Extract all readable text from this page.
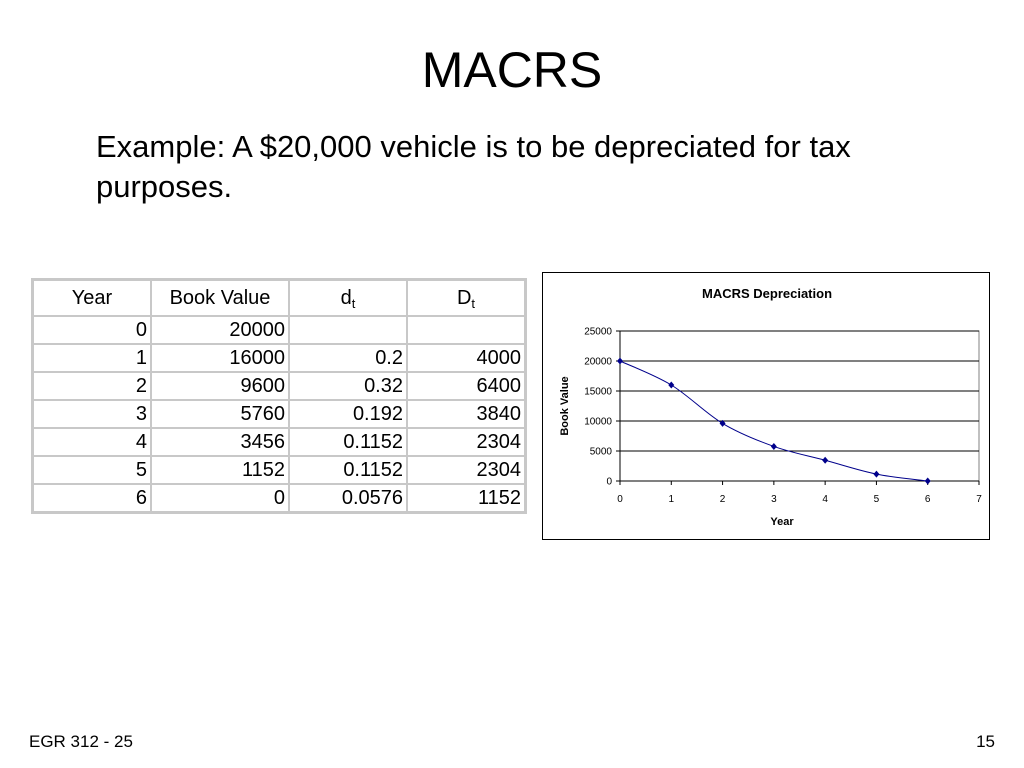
MACRS
Example: A $20,000 vehicle is to be depreciated for tax purposes.
Year	Book Value	$d_t$	$D_t$
0	20000		
1	16000	0.2	4000
2	9600	0.32	6400
3	5760	0.192	3840
4	3456	0.1152	2304
5	1152	0.1152	2304
6	0	0.0576	1152
MACRS Depreciation
Year
Book Value
0
5000
10000
15000
20000
25000
0	1	2	3	4	5	6	7
EGR 312 - 25	15
